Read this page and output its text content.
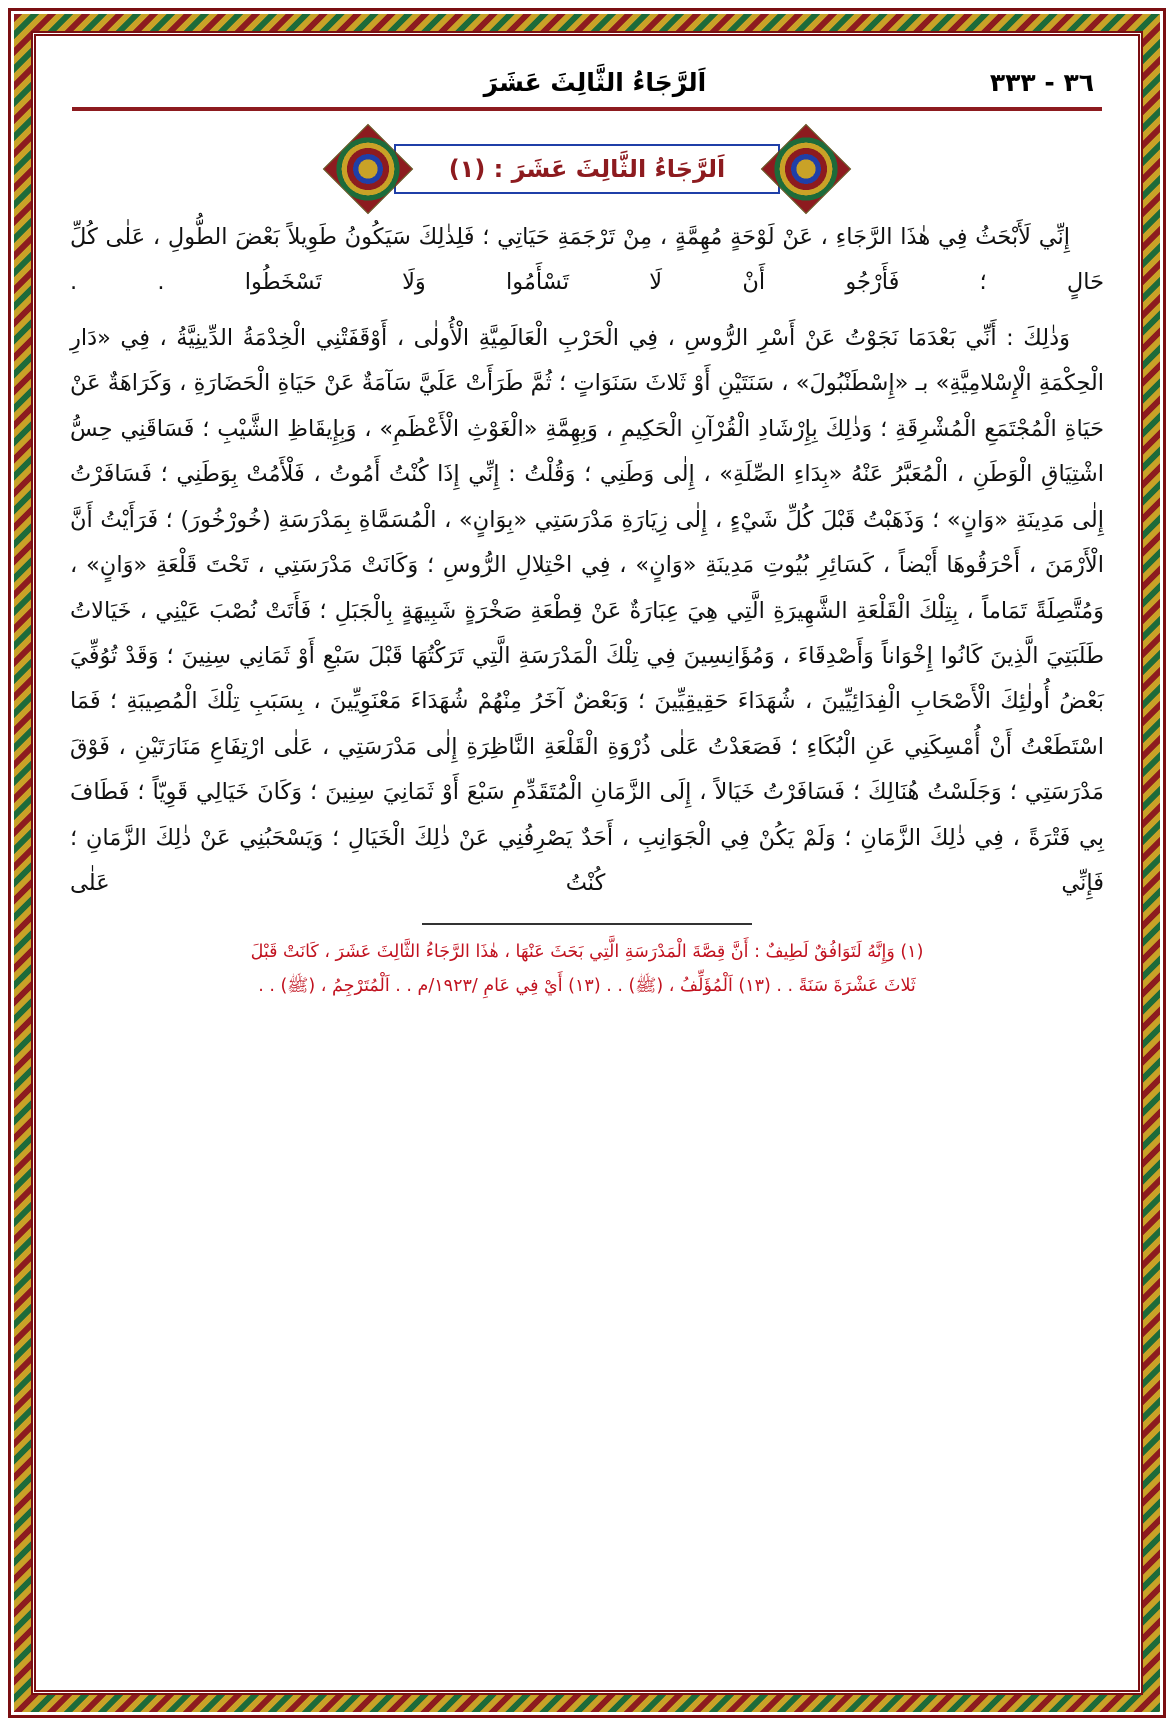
٣٦ - ٣٣٣
اَلرَّجَاءُ الثَّالِثَ عَشَرَ
اَلرَّجَاءُ الثَّالِثَ عَشَرَ : (١)

إِنِّي لَأَبْحَثُ فِي هٰذَا الرَّجَاءِ ، عَنْ لَوْحَةٍ مُهِمَّةٍ ، مِنْ تَرْجَمَةِ حَيَاتِي ؛ فَلِذٰلِكَ سَيَكُونُ طَوِيلاً بَعْضَ الطُّولِ ، عَلٰى كُلِّ حَالٍ ؛ فَأَرْجُو أَنْ لَا تَسْأَمُوا وَلَا تَسْخَطُوا . .

وَذٰلِكَ : أَنِّي بَعْدَمَا نَجَوْتُ عَنْ أَسْرِ الرُّوسِ ، فِي الْحَرْبِ الْعَالَمِيَّةِ الْأُولٰى ، أَوْقَفَتْنِي الْخِدْمَةُ الدِّينِيَّةُ ، فِي «دَارِ الْحِكْمَةِ الْإِسْلامِيَّةِ» بـ «إِسْطَنْبُولَ» ، سَنَتَيْنِ أَوْ ثَلاثَ سَنَوَاتٍ ؛ ثُمَّ طَرَأَتْ عَلَيَّ سَآمَةٌ عَنْ حَيَاةِ الْحَضَارَةِ ، وَكَرَاهَةٌ عَنْ حَيَاةِ الْمُجْتَمَعِ الْمُشْرِقَةِ ؛ وَذٰلِكَ بِإِرْشَادِ الْقُرْآنِ الْحَكِيمِ ، وَبِهِمَّةِ «الْغَوْثِ الْأَعْظَمِ» ، وَبِإِيقَاظِ الشَّيْبِ ؛ فَسَاقَنِي حِسُّ اشْتِيَاقِ الْوَطَنِ ، الْمُعَبَّرُ عَنْهُ «بِدَاءِ الصِّلَةِ» ، إِلٰى وَطَنِي ؛ وَقُلْتُ : إِنِّي إِذَا كُنْتُ أَمُوتُ ، فَلْأَمُتْ بِوَطَنِي ؛ فَسَافَرْتُ إِلٰى مَدِينَةِ «وَانٍ» ؛ وَذَهَبْتُ قَبْلَ كُلِّ شَيْءٍ ، إِلٰى زِيَارَةِ مَدْرَسَتِي «بِوَانٍ» ، الْمُسَمَّاةِ بِمَدْرَسَةِ (خُورْخُورَ) ؛ فَرَأَيْتُ أَنَّ الْأَرْمَنَ ، أَحْرَقُوهَا أَيْضاً ، كَسَائِرِ بُيُوتِ مَدِينَةِ «وَانٍ» ، فِي احْتِلالِ الرُّوسِ ؛ وَكَانَتْ مَدْرَسَتِي ، تَحْتَ قَلْعَةِ «وَانٍ» ، وَمُتَّصِلَةً تَمَاماً ، بِتِلْكَ الْقَلْعَةِ الشَّهِيرَةِ الَّتِي هِيَ عِبَارَةٌ عَنْ قِطْعَةِ صَخْرَةٍ شَبِيهَةٍ بِالْجَبَلِ ؛ فَأَتَتْ نُصْبَ عَيْنِي ، خَيَالاتُ طَلَبَتِيَ الَّذِينَ كَانُوا إِخْوَاناً وَأَصْدِقَاءَ ، وَمُؤَانِسِينَ فِي تِلْكَ الْمَدْرَسَةِ الَّتِي تَرَكْتُهَا قَبْلَ سَبْعِ أَوْ ثَمَانِي سِنِينَ ؛ وَقَدْ تُوُفِّيَ بَعْضُ أُولٰئِكَ الْأَصْحَابِ الْفِدَائِيِّينَ ، شُهَدَاءَ حَقِيقِيِّينَ ؛ وَبَعْضٌ آخَرُ مِنْهُمْ شُهَدَاءَ مَعْنَوِيِّينَ ، بِسَبَبِ تِلْكَ الْمُصِيبَةِ ؛ فَمَا اسْتَطَعْتُ أَنْ أُمْسِكَنِي عَنِ الْبُكَاءِ ؛ فَصَعَدْتُ عَلٰى ذُرْوَةِ الْقَلْعَةِ النَّاظِرَةِ إِلٰى مَدْرَسَتِي ، عَلٰى ارْتِفَاعِ مَنَارَتَيْنِ ، فَوْقَ مَدْرَسَتِي ؛ وَجَلَسْتُ هُنَالِكَ ؛ فَسَافَرْتُ خَيَالاً ، إِلَى الزَّمَانِ الْمُتَقَدِّمِ سَبْعَ أَوْ ثَمَانِيَ سِنِينَ ؛ وَكَانَ خَيَالِي قَوِيّاً ؛ فَطَافَ بِي فَتْرَةً ، فِي ذٰلِكَ الزَّمَانِ ؛ وَلَمْ يَكُنْ فِي الْجَوَانِبِ ، أَحَدٌ يَصْرِفُنِي عَنْ ذٰلِكَ الْخَيَالِ ؛ وَيَسْحَبُنِي عَنْ ذٰلِكَ الزَّمَانِ ؛ فَإِنِّي كُنْتُ عَلٰى

(١) وَإِنَّهُ لَتَوَافُقٌ لَطِيفٌ : أَنَّ قِصَّةَ الْمَدْرَسَةِ الَّتِي بَحَثَ عَنْهَا ، هٰذَا الرَّجَاءُ الثَّالِثَ عَشَرَ ، كَانَتْ قَبْلَ
ثَلاثَ عَشْرَةَ سَنَةً . . (١٣) اَلْمُؤَلِّفُ ، (ﷺ) . . (١٣) أَيْ فِي عَامِ /١٩٢٣/م . . اَلْمُتَرْجِمُ ، (ﷺ) . .
